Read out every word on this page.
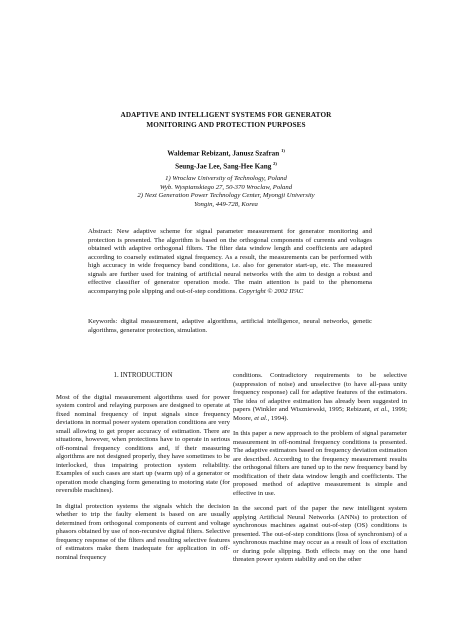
ADAPTIVE AND INTELLIGENT SYSTEMS FOR GENERATOR
MONITORING AND PROTECTION PURPOSES
Waldemar Rebizant, Janusz Szafran $^{1)}$
Seung-Jae Lee, Sang-Hee Kang $^{2)}$
1) Wroclaw University of Technology, Poland
Wyb. Wyspianskiego 27, 50-370 Wroclaw, Poland
2) Next Generation Power Technology Center, Myongji University
Yongin, 449-728, Korea
Abstract: New adaptive scheme for signal parameter measurement for generator monitoring and protection is presented. The algorithm is based on the orthogonal components of currents and voltages obtained with adaptive orthogonal filters. The filter data window length and coefficients are adapted according to coarsely estimated signal frequency. As a result, the measurements can be performed with high accuracy in wide frequency band conditions, i.e. also for generator start-up, etc. The measured signals are further used for training of artificial neural networks with the aim to design a robust and effective classifier of generator operation mode. The main attention is paid to the phenomena accompanying pole slipping and out-of-step conditions. Copyright © 2002 IFAC
Keywords: digital measurement, adaptive algorithms, artificial intelligence, neural networks, genetic algorithms, generator protection, simulation.
1. INTRODUCTION

Most of the digital measurement algorithms used for power system control and relaying purposes are designed to operate at fixed nominal frequency of input signals since frequency deviations in normal power system operation conditions are very small allowing to get proper accuracy of estimation. There are situations, however, when protections have to operate in serious off-nominal frequency conditions and, if their measuring algorithms are not designed properly, they have sometimes to be interlocked, thus impairing protection system reliability. Examples of such cases are start up (warm up) of a generator or operation mode changing form generating to motoring state (for reversible machines).

In digital protection systems the signals which the decision whether to trip the faulty element is based on are usually determined from orthogonal components of current and voltage phasors obtained by use of non-recursive digital filters. Selective frequency response of the filters and resulting selective features of estimators make them inadequate for application in off-nominal frequency

conditions. Contradictory requirements to be selective (suppression of noise) and unselective (to have all-pass unity frequency response) call for adaptive features of the estimators. The idea of adaptive estimation has already been suggested in papers (Winkler and Wiszniewski, 1995; Rebizant, et al., 1999; Moore, et al., 1994).

In this paper a new approach to the problem of signal parameter measurement in off-nominal frequency conditions is presented. The adaptive estimators based on frequency deviation estimation are described. According to the frequency measurement results the orthogonal filters are tuned up to the new frequency band by modification of their data window length and coefficients. The proposed method of adaptive measurement is simple and effective in use.

In the second part of the paper the new intelligent system applying Artificial Neural Networks (ANNs) to protection of synchronous machines against out-of-step (OS) conditions is presented. The out-of-step conditions (loss of synchronism) of a synchronous machine may occur as a result of loss of excitation or during pole slipping. Both effects may on the one hand threaten power system stability and on the other
